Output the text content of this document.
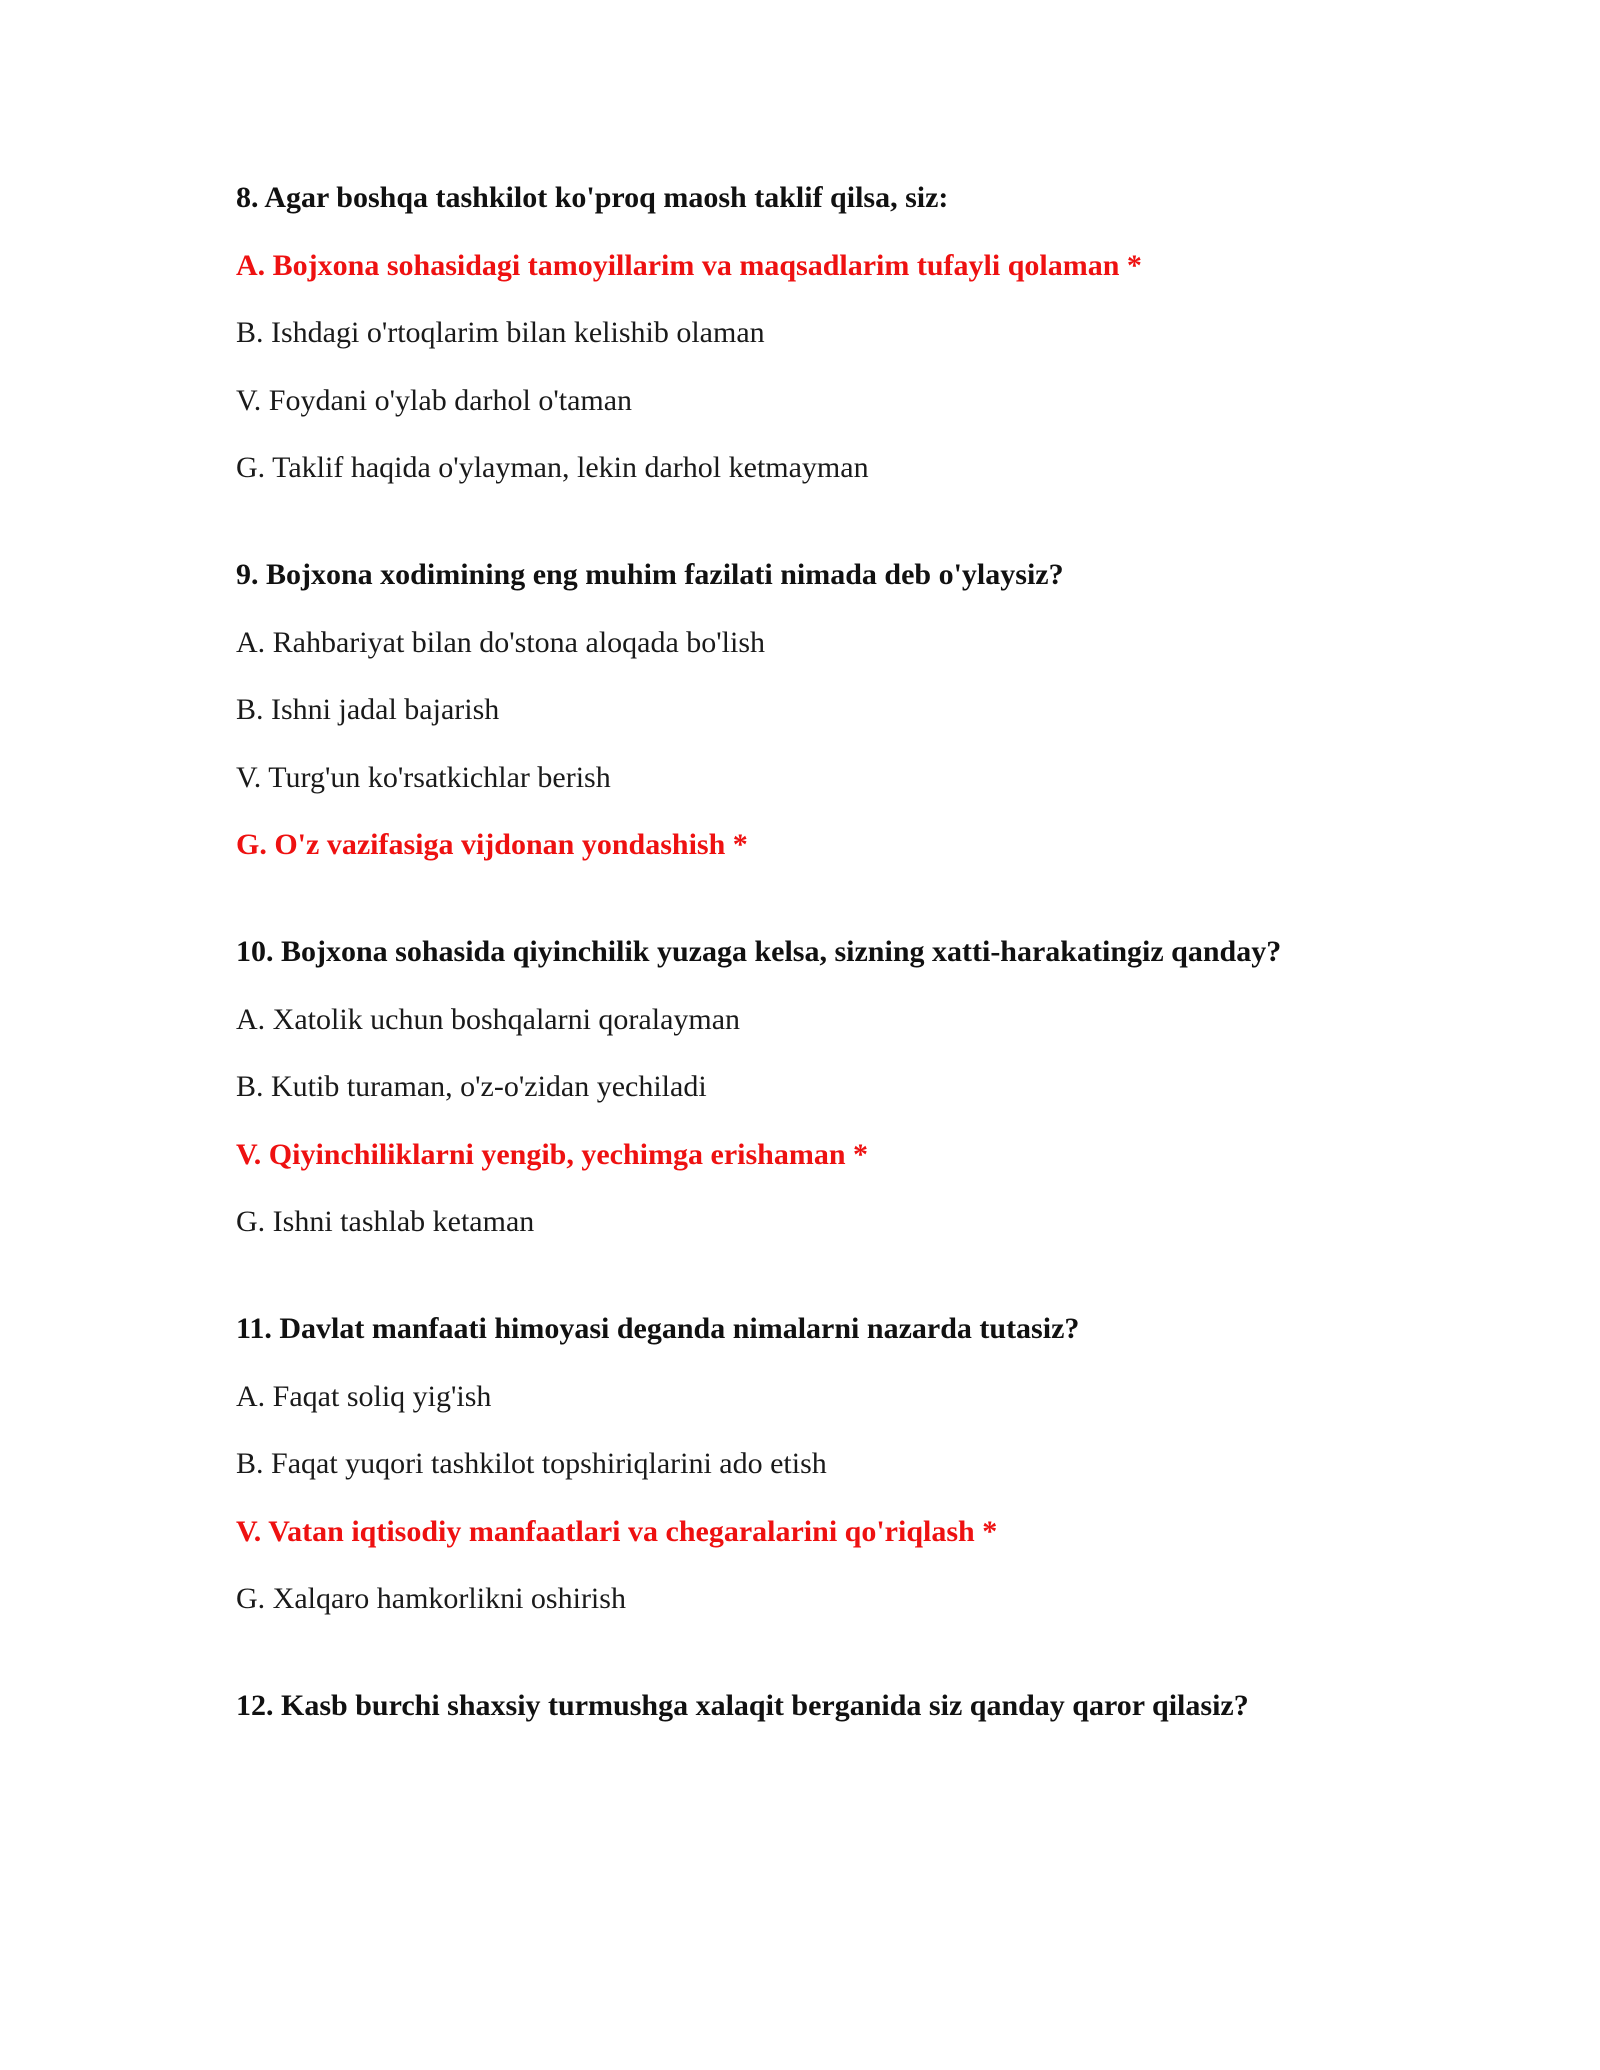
8. Agar boshqa tashkilot ko'proq maosh taklif qilsa, siz:
A. Bojxona sohasidagi tamoyillarim va maqsadlarim tufayli qolaman *
B. Ishdagi o'rtoqlarim bilan kelishib olaman
V. Foydani o'ylab darhol o'taman
G. Taklif haqida o'ylayman, lekin darhol ketmayman
9. Bojxona xodimining eng muhim fazilati nimada deb o'ylaysiz?
A. Rahbariyat bilan do'stona aloqada bo'lish
B. Ishni jadal bajarish
V. Turg'un ko'rsatkichlar berish
G. O'z vazifasiga vijdonan yondashish *
10. Bojxona sohasida qiyinchilik yuzaga kelsa, sizning xatti-harakatingiz qanday?
A. Xatolik uchun boshqalarni qoralayman
B. Kutib turaman, o'z-o'zidan yechiladi
V. Qiyinchiliklarni yengib, yechimga erishaman *
G. Ishni tashlab ketaman
11. Davlat manfaati himoyasi deganda nimalarni nazarda tutasiz?
A. Faqat soliq yig'ish
B. Faqat yuqori tashkilot topshiriqlarini ado etish
V. Vatan iqtisodiy manfaatlari va chegaralarini qo'riqlash *
G. Xalqaro hamkorlikni oshirish
12. Kasb burchi shaxsiy turmushga xalaqit berganida siz qanday qaror qilasiz?
